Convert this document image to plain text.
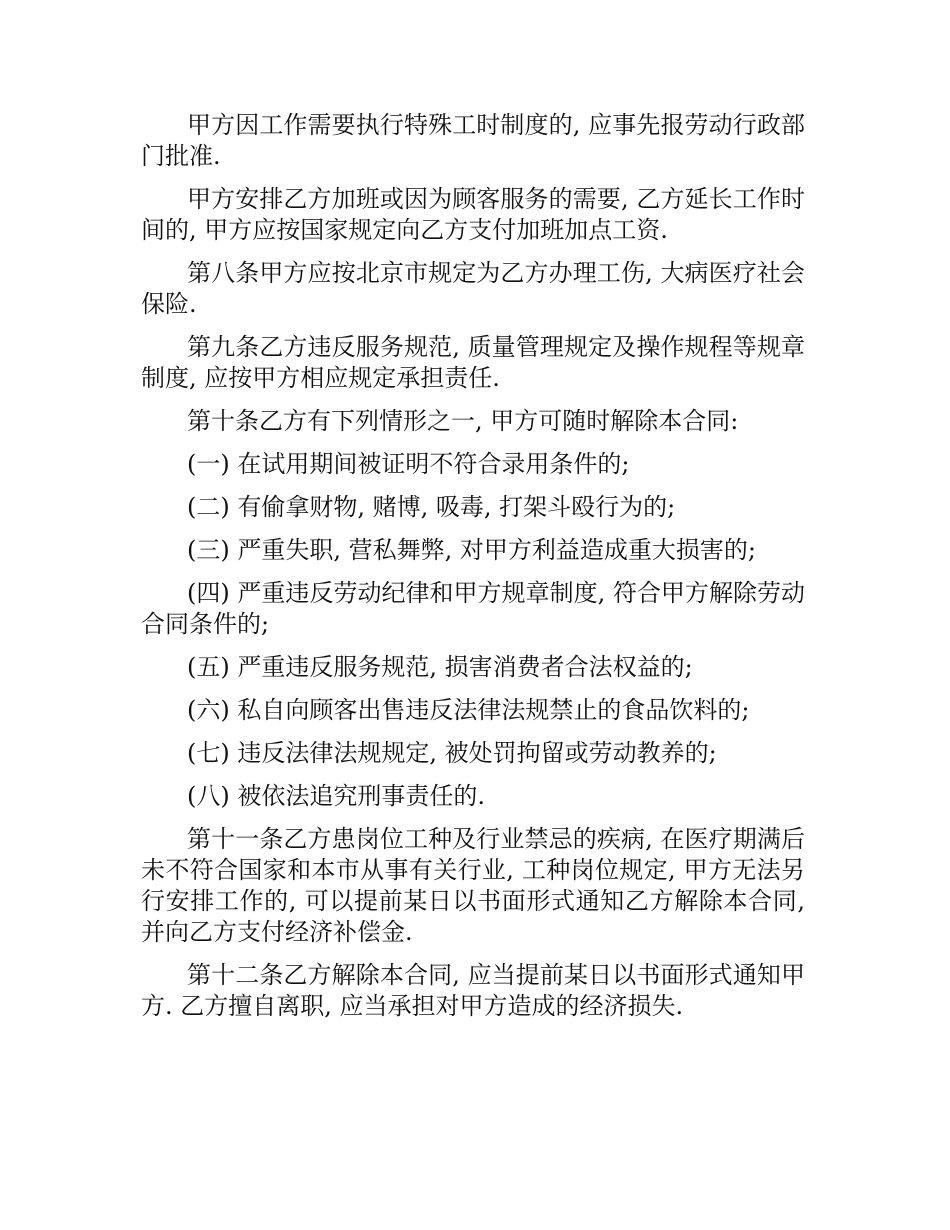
甲方因工作需要执行特殊工时制度的, 应事先报劳动行政部门批准.

甲方安排乙方加班或因为顾客服务的需要, 乙方延长工作时间的, 甲方应按国家规定向乙方支付加班加点工资.

第八条甲方应按北京市规定为乙方办理工伤, 大病医疗社会保险.

第九条乙方违反服务规范, 质量管理规定及操作规程等规章制度, 应按甲方相应规定承担责任.

第十条乙方有下列情形之一, 甲方可随时解除本合同:

(一) 在试用期间被证明不符合录用条件的;

(二) 有偷拿财物, 赌博, 吸毒, 打架斗殴行为的;

(三) 严重失职, 营私舞弊, 对甲方利益造成重大损害的;

(四) 严重违反劳动纪律和甲方规章制度, 符合甲方解除劳动合同条件的;

(五) 严重违反服务规范, 损害消费者合法权益的;

(六) 私自向顾客出售违反法律法规禁止的食品饮料的;

(七) 违反法律法规规定, 被处罚拘留或劳动教养的;

(八) 被依法追究刑事责任的.

第十一条乙方患岗位工种及行业禁忌的疾病, 在医疗期满后未不符合国家和本市从事有关行业, 工种岗位规定, 甲方无法另行安排工作的, 可以提前某日以书面形式通知乙方解除本合同, 并向乙方支付经济补偿金.

第十二条乙方解除本合同, 应当提前某日以书面形式通知甲方. 乙方擅自离职, 应当承担对甲方造成的经济损失.
